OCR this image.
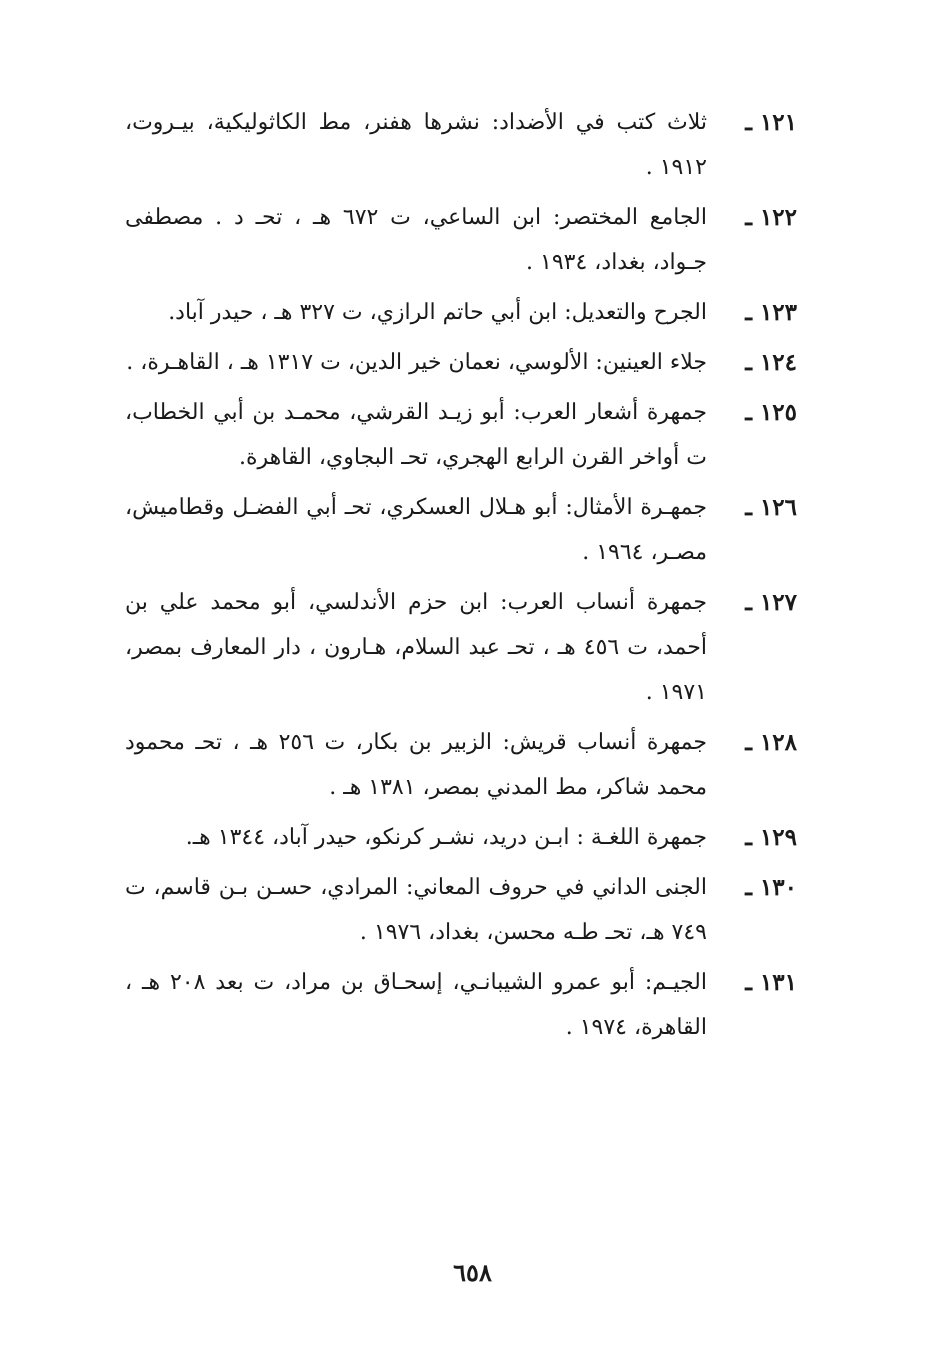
١٢١ ـ
ثلاث كتب في الأضداد: نشرها هفنر، مط الكاثوليكية، بيـروت، ١٩١٢ .
١٢٢ ـ
الجامع المختصر: ابن الساعي، ت ٦٧٢ هـ ، تحـ د . مصطفى جـواد، بغداد، ١٩٣٤ .
١٢٣ ـ
الجرح والتعديل: ابن أبي حاتم الرازي، ت ٣٢٧ هـ ، حيدر آباد.
١٢٤ ـ
جلاء العينين: الألوسي، نعمان خير الدين، ت ١٣١٧ هـ ، القاهـرة، .
١٢٥ ـ
جمهرة أشعار العرب: أبو زيـد القرشي، محمـد بن أبي الخطاب، ت أواخر القرن الرابع الهجري، تحـ البجاوي، القاهرة.
١٢٦ ـ
جمهـرة الأمثال: أبو هـلال العسكري، تحـ أبي الفضـل وقطاميش، مصـر، ١٩٦٤ .
١٢٧ ـ
جمهرة أنساب العرب: ابن حزم الأندلسي، أبو محمد علي بن أحمد، ت ٤٥٦ هـ ، تحـ عبد السلام، هـارون ، دار المعارف بمصر، ١٩٧١ .
١٢٨ ـ
جمهرة أنساب قريش: الزبير بن بكار، ت ٢٥٦ هـ ، تحـ محمود محمد شاكر، مط المدني بمصر، ١٣٨١ هـ .
١٢٩ ـ
جمهرة اللغـة : ابـن دريد، نشـر كرنكو، حيدر آباد، ١٣٤٤ هـ.
١٣٠ ـ
الجنى الداني في حروف المعاني: المرادي، حسـن بـن قاسم، ت ٧٤٩ هـ، تحـ طـه محسن، بغداد، ١٩٧٦ .
١٣١ ـ
الجيـم: أبو عمرو الشيبانـي، إسحـاق بن مراد، ت بعد ٢٠٨ هـ ، القاهرة، ١٩٧٤ .
٦٥٨
